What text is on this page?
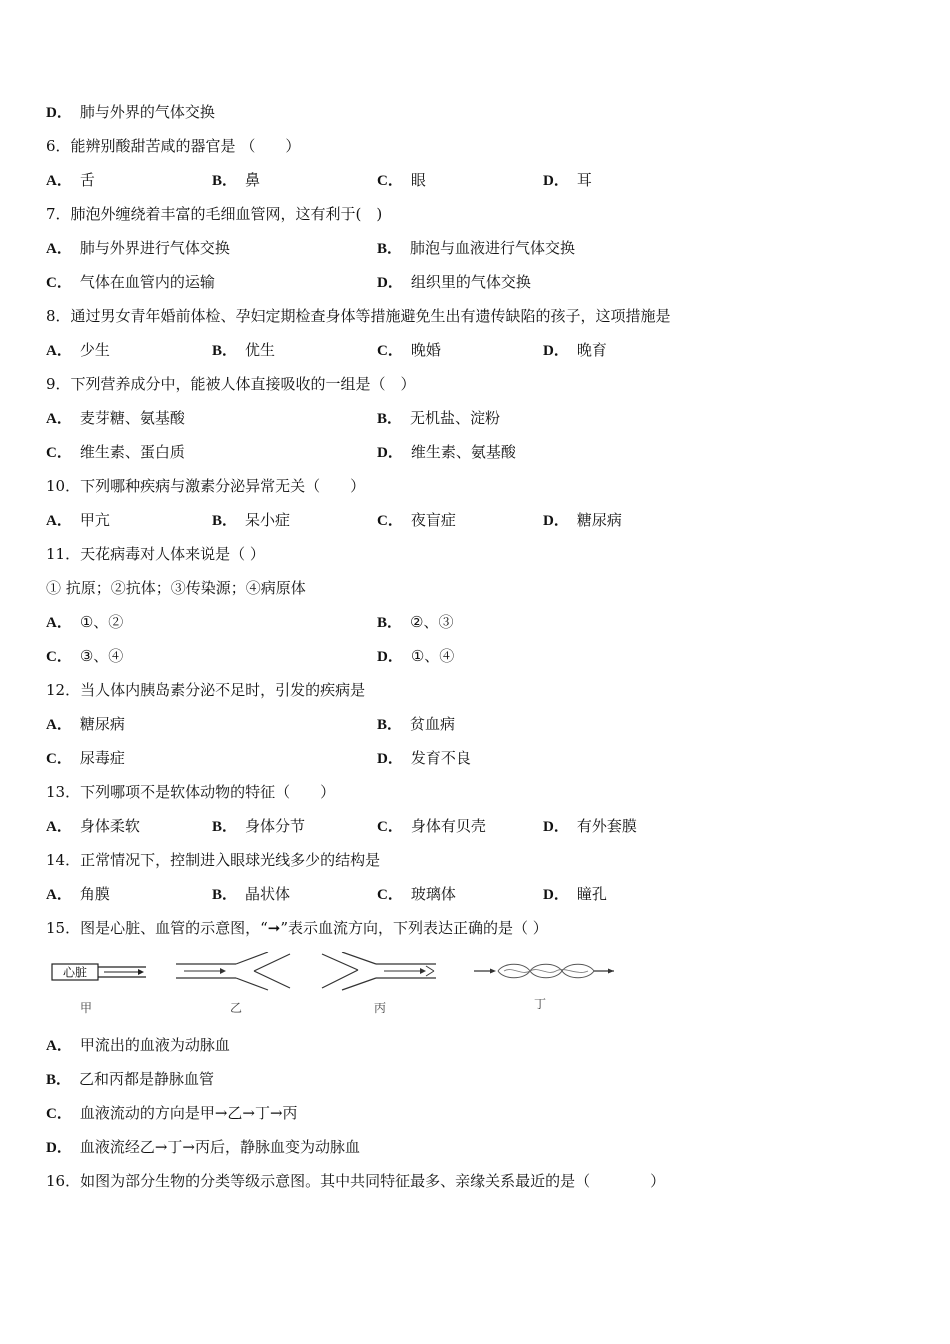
D． 肺与外界的气体交换
6．能辨别酸甜苦咸的器官是 （　　）
A． 舌	B． 鼻	C． 眼	D． 耳
7．肺泡外缠绕着丰富的毛细血管网，这有利于(　)
A． 肺与外界进行气体交换	B． 肺泡与血液进行气体交换
C． 气体在血管内的运输	D． 组织里的气体交换
8．通过男女青年婚前体检、孕妇定期检查身体等措施避免生出有遗传缺陷的孩子，这项措施是
A． 少生	B． 优生	C． 晚婚	D． 晚育
9．下列营养成分中，能被人体直接吸收的一组是（　）
A． 麦芽糖、氨基酸	B． 无机盐、淀粉
C． 维生素、蛋白质	D． 维生素、氨基酸
10．下列哪种疾病与激素分泌异常无关（　　）
A． 甲亢	B． 呆小症	C． 夜盲症	D． 糖尿病
11．天花病毒对人体来说是（ ）
① 抗原；②抗体；③传染源；④病原体
A． ①、②	B． ②、③
C． ③、④	D． ①、④
12．当人体内胰岛素分泌不足时，引发的疾病是
A． 糖尿病	B． 贫血病
C． 尿毒症	D． 发育不良
13．下列哪项不是软体动物的特征（　　）
A． 身体柔软	B． 身体分节	C． 身体有贝壳	D． 有外套膜
14．正常情况下，控制进入眼球光线多少的结构是
A． 角膜	B． 晶状体	C． 玻璃体	D． 瞳孔
15．图是心脏、血管的示意图，“➞”表示血流方向，下列表达正确的是（ ）
心脏
甲	乙	丙	丁
A． 甲流出的血液为动脉血
B． 乙和丙都是静脉血管
C． 血液流动的方向是甲→乙→丁→丙
D． 血液流经乙→丁→丙后，静脉血变为动脉血
16．如图为部分生物的分类等级示意图。其中共同特征最多、亲缘关系最近的是（　　　　）
